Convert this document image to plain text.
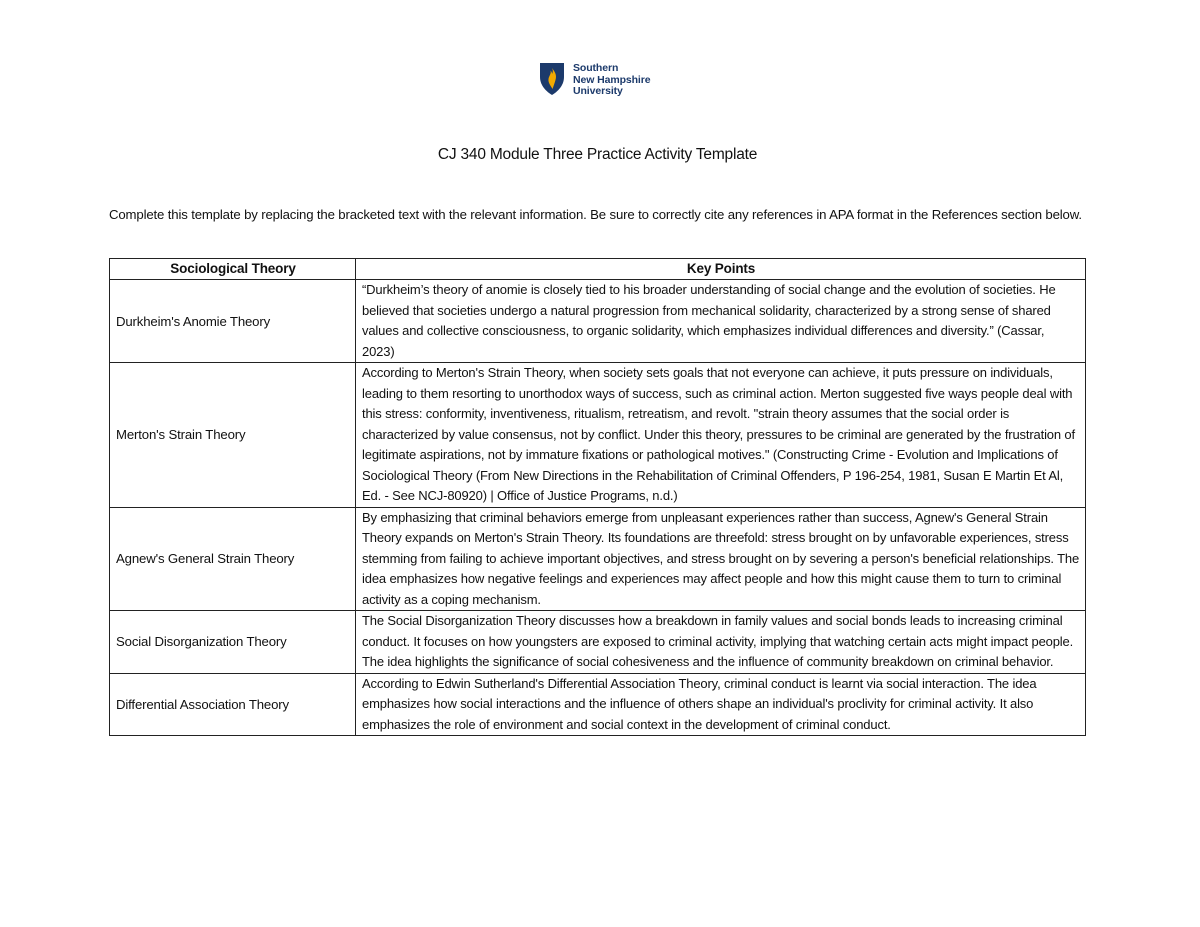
Southern
New Hampshire
University
CJ 340 Module Three Practice Activity Template
Complete this template by replacing the bracketed text with the relevant information. Be sure to correctly cite any references in APA format in the References section below.
Sociological Theory	Key Points
Durkheim's Anomie Theory	“Durkheim’s theory of anomie is closely tied to his broader understanding of social change and the evolution of societies. He believed that societies undergo a natural progression from mechanical solidarity, characterized by a strong sense of shared values and collective consciousness, to organic solidarity, which emphasizes individual differences and diversity.” (Cassar, 2023)
Merton's Strain Theory	According to Merton's Strain Theory, when society sets goals that not everyone can achieve, it puts pressure on individuals, leading to them resorting to unorthodox ways of success, such as criminal action. Merton suggested five ways people deal with this stress: conformity, inventiveness, ritualism, retreatism, and revolt. "strain theory assumes that the social order is characterized by value consensus, not by conflict. Under this theory, pressures to be criminal are generated by the frustration of legitimate aspirations, not by immature fixations or pathological motives." (Constructing Crime - Evolution and Implications of Sociological Theory (From New Directions in the Rehabilitation of Criminal Offenders, P 196-254, 1981, Susan E Martin Et Al, Ed. - See NCJ-80920) | Office of Justice Programs, n.d.)
Agnew's General Strain Theory	By emphasizing that criminal behaviors emerge from unpleasant experiences rather than success, Agnew's General Strain Theory expands on Merton's Strain Theory. Its foundations are threefold: stress brought on by unfavorable experiences, stress stemming from failing to achieve important objectives, and stress brought on by severing a person's beneficial relationships. The idea emphasizes how negative feelings and experiences may affect people and how this might cause them to turn to criminal activity as a coping mechanism.
Social Disorganization Theory	The Social Disorganization Theory discusses how a breakdown in family values and social bonds leads to increasing criminal conduct. It focuses on how youngsters are exposed to criminal activity, implying that watching certain acts might impact people. The idea highlights the significance of social cohesiveness and the influence of community breakdown on criminal behavior.
Differential Association Theory	According to Edwin Sutherland's Differential Association Theory, criminal conduct is learnt via social interaction. The idea emphasizes how social interactions and the influence of others shape an individual's proclivity for criminal activity. It also emphasizes the role of environment and social context in the development of criminal conduct.
